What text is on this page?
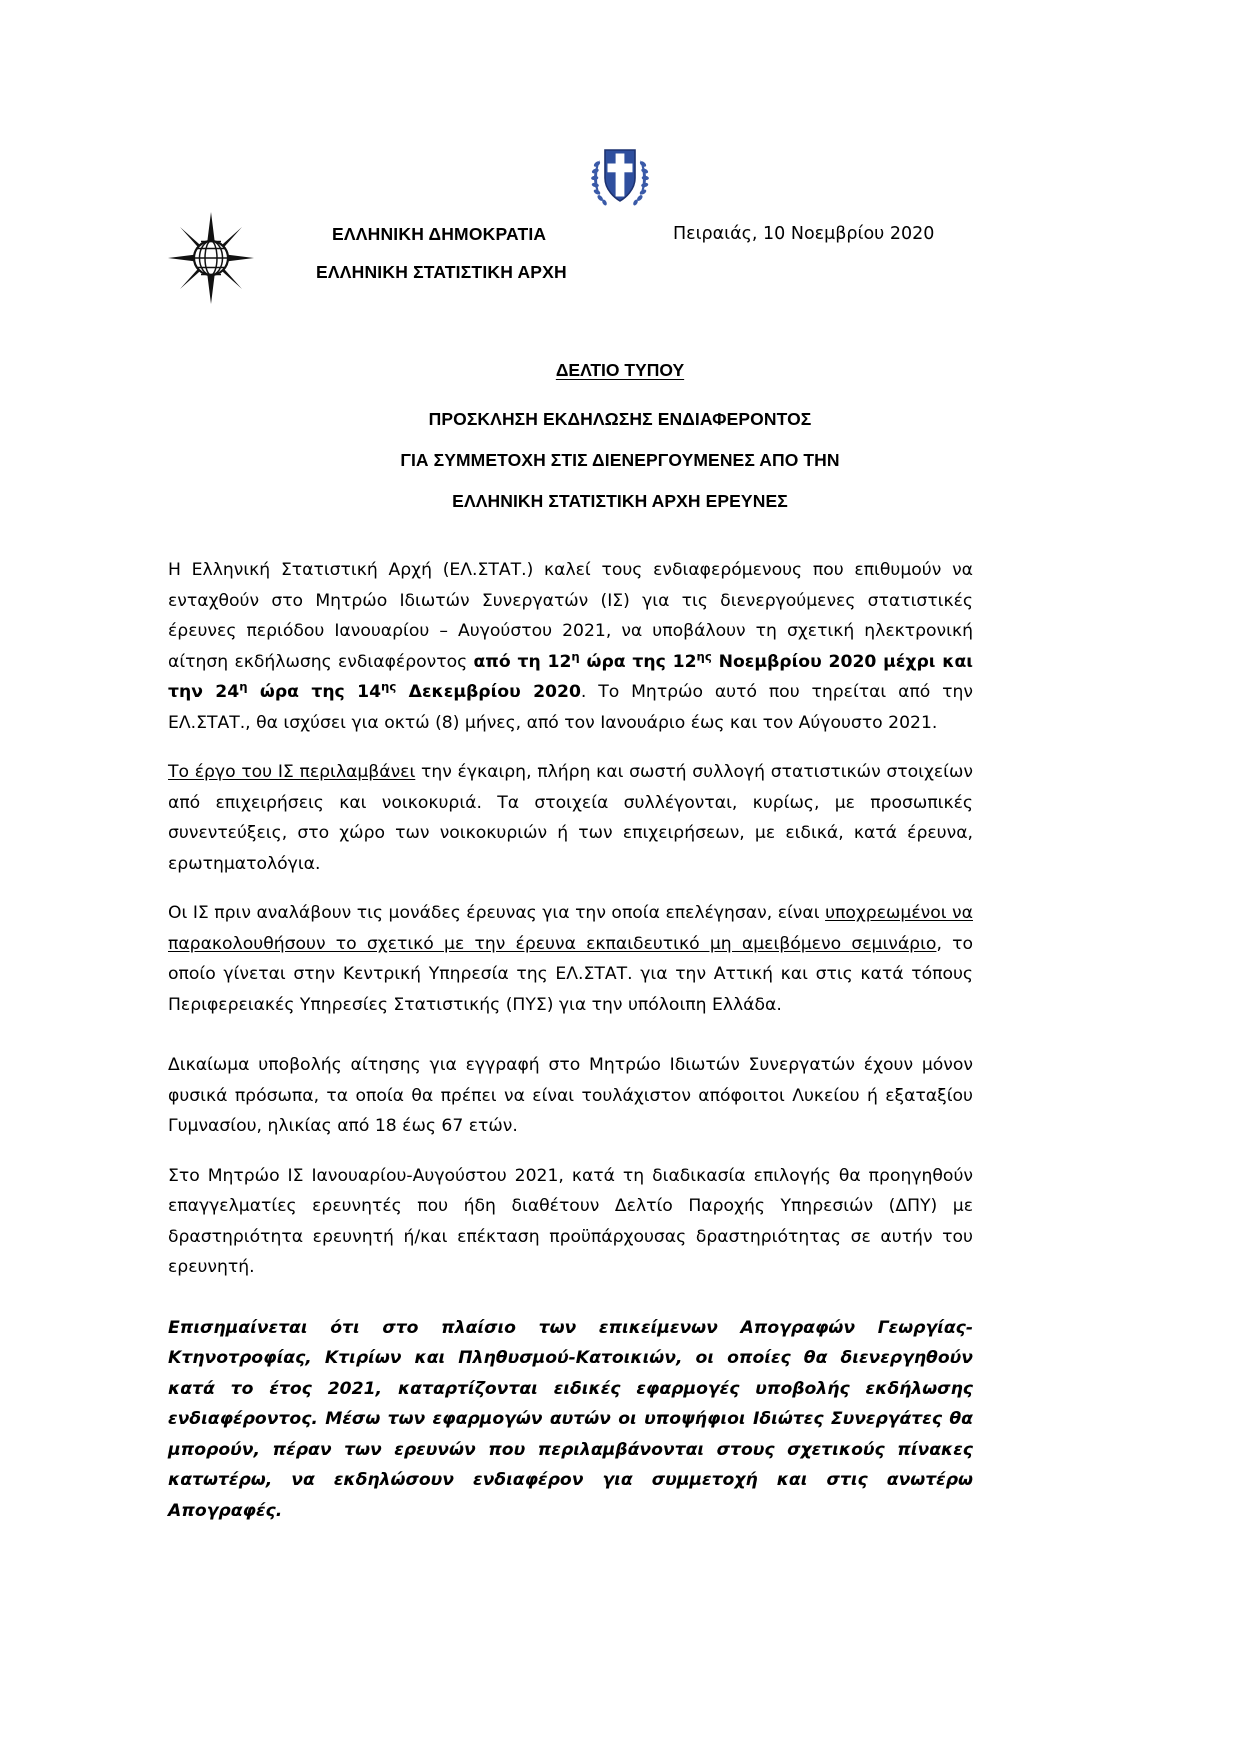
ΕΛΛΗΝΙΚΗ ΔΗΜΟΚΡΑΤΙΑ
ΕΛΛΗΝΙΚΗ ΣΤΑΤΙΣΤΙΚΗ ΑΡΧΗ
Πειραιάς, 10 Νοεμβρίου 2020
ΔΕΛΤΙΟ ΤΥΠΟΥ
ΠΡΟΣΚΛΗΣΗ ΕΚΔΗΛΩΣΗΣ ΕΝΔΙΑΦΕΡΟΝΤΟΣ
ΓΙΑ ΣΥΜΜΕΤΟΧΗ ΣΤΙΣ ΔΙΕΝΕΡΓΟΥΜΕΝΕΣ ΑΠΟ ΤΗΝ
ΕΛΛΗΝΙΚΗ ΣΤΑΤΙΣΤΙΚΗ ΑΡΧΗ ΕΡΕΥΝΕΣ

Η Ελληνική Στατιστική Αρχή (ΕΛ.ΣΤΑΤ.) καλεί τους ενδιαφερόμενους που επιθυμούν να ενταχθούν στο Μητρώο Ιδιωτών Συνεργατών (ΙΣ) για τις διενεργούμενες στατιστικές έρευνες περιόδου Ιανουαρίου – Αυγούστου 2021, να υποβάλουν τη σχετική ηλεκτρονική αίτηση εκδήλωσης ενδιαφέροντος από τη $12^\eta$ ώρα της $12^{\eta\varsigma}$ Νοεμβρίου 2020 μέχρι και την $24^\eta$ ώρα της $14^{\eta\varsigma}$ Δεκεμβρίου 2020. Το Μητρώο αυτό που τηρείται από την ΕΛ.ΣΤΑΤ., θα ισχύσει για οκτώ (8) μήνες, από τον Ιανουάριο έως και τον Αύγουστο 2021.

Το έργο του ΙΣ περιλαμβάνει την έγκαιρη, πλήρη και σωστή συλλογή στατιστικών στοιχείων από επιχειρήσεις και νοικοκυριά. Τα στοιχεία συλλέγονται, κυρίως, με προσωπικές συνεντεύξεις, στο χώρο των νοικοκυριών ή των επιχειρήσεων, με ειδικά, κατά έρευνα, ερωτηματολόγια.

Οι ΙΣ πριν αναλάβουν τις μονάδες έρευνας για την οποία επελέγησαν, είναι υποχρεωμένοι να παρακολουθήσουν το σχετικό με την έρευνα εκπαιδευτικό μη αμειβόμενο σεμινάριο, το οποίο γίνεται στην Κεντρική Υπηρεσία της ΕΛ.ΣΤΑΤ. για την Αττική και στις κατά τόπους Περιφερειακές Υπηρεσίες Στατιστικής (ΠΥΣ) για την υπόλοιπη Ελλάδα.

Δικαίωμα υποβολής αίτησης για εγγραφή στο Μητρώο Ιδιωτών Συνεργατών έχουν μόνον φυσικά πρόσωπα, τα οποία θα πρέπει να είναι τουλάχιστον απόφοιτοι Λυκείου ή εξαταξίου Γυμνασίου, ηλικίας από 18 έως 67 ετών.

Στο Μητρώο ΙΣ Ιανουαρίου-Αυγούστου 2021, κατά τη διαδικασία επιλογής θα προηγηθούν επαγγελματίες ερευνητές που ήδη διαθέτουν Δελτίο Παροχής Υπηρεσιών (ΔΠΥ) με δραστηριότητα ερευνητή ή/και επέκταση προϋπάρχουσας δραστηριότητας σε αυτήν του ερευνητή.

Επισημαίνεται ότι στο πλαίσιο των επικείμενων Απογραφών Γεωργίας-Κτηνοτροφίας, Κτιρίων και Πληθυσμού-Κατοικιών, οι οποίες θα διενεργηθούν κατά το έτος 2021, καταρτίζονται ειδικές εφαρμογές υποβολής εκδήλωσης ενδιαφέροντος. Μέσω των εφαρμογών αυτών οι υποψήφιοι Ιδιώτες Συνεργάτες θα μπορούν, πέραν των ερευνών που περιλαμβάνονται στους σχετικούς πίνακες κατωτέρω, να εκδηλώσουν ενδιαφέρον για συμμετοχή και στις ανωτέρω Απογραφές.
